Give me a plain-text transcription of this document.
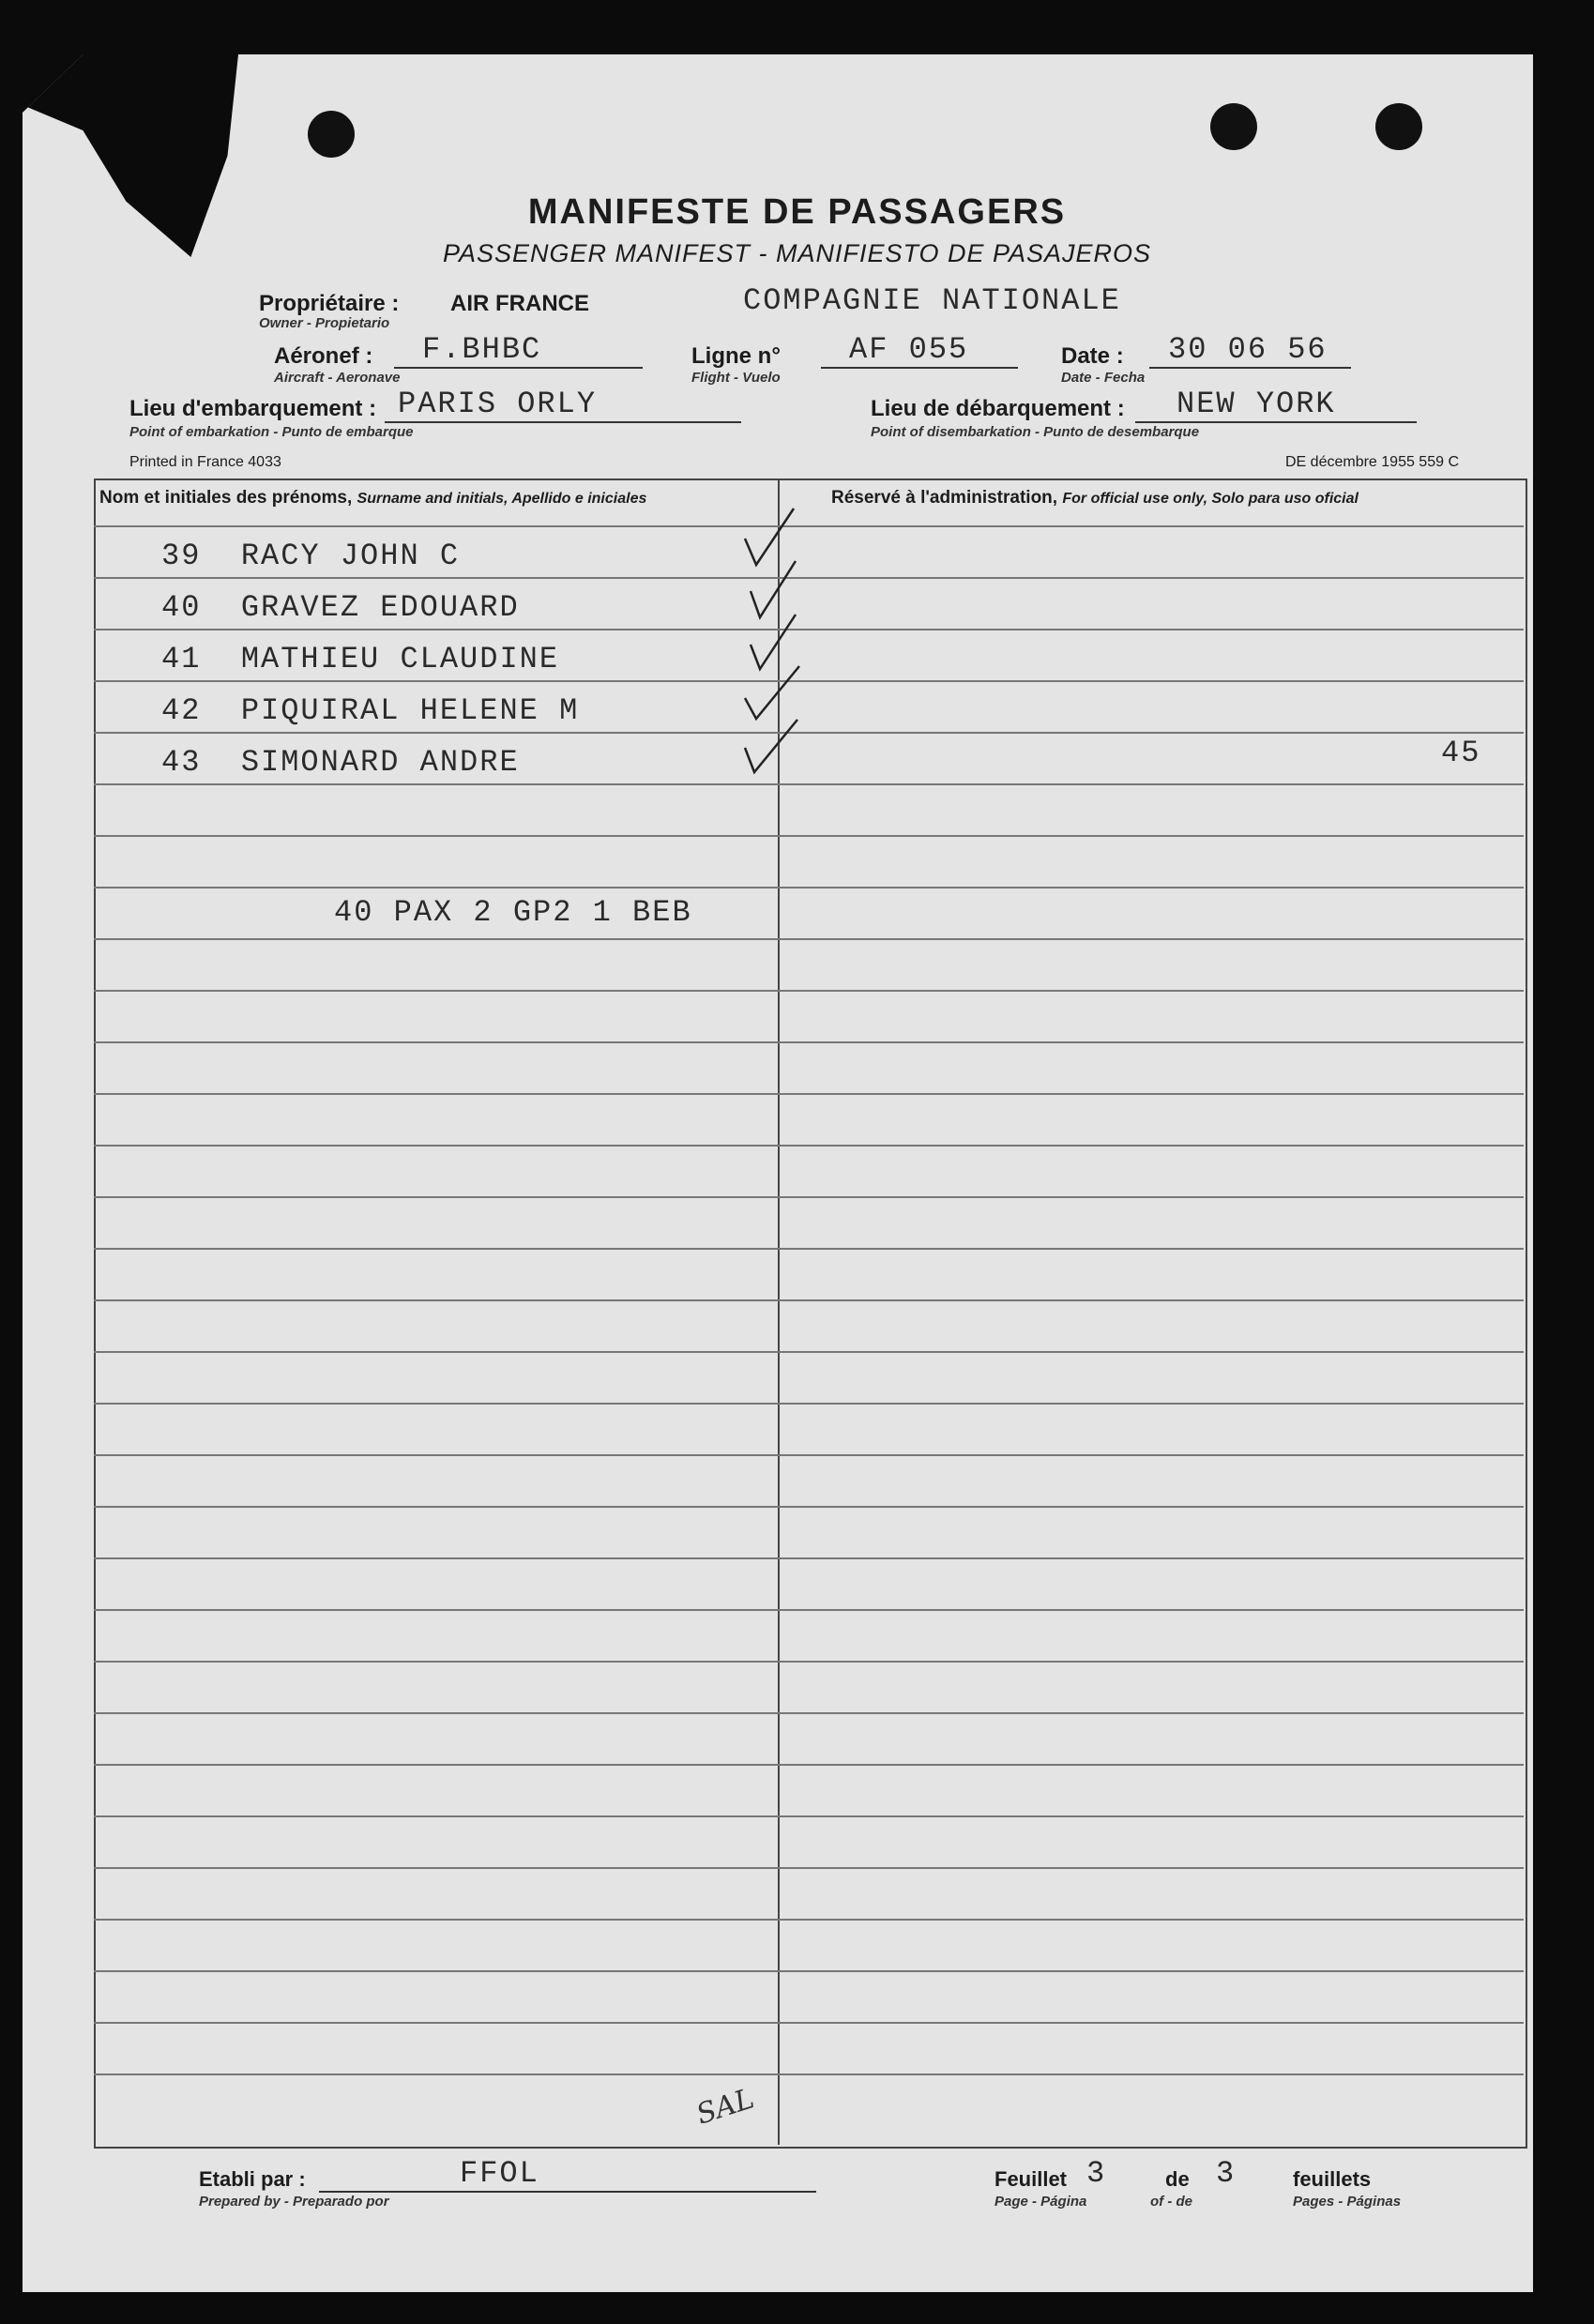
MANIFESTE DE PASSAGERS
PASSENGER MANIFEST - MANIFIESTO DE PASAJEROS
Propriétaire : AIR FRANCE
Owner - Propietario
COMPAGNIE NATIONALE
Aéronef :
Aircraft - Aeronave
F.BHBC	Ligne n°
Flight - Vuelo
AF 055	Date :
Date - Fecha
30 06 56
Lieu d'embarquement :
Point of embarkation - Punto de embarque
PARIS ORLY	Lieu de débarquement :
Point of disembarkation - Punto de desembarque
NEW YORK
Printed in France 4033	DE décembre 1955 559 C
Nom et initiales des prénoms, Surname and initials, Apellido e iniciales	Réservé à l'administration, For official use only, Solo para uso oficial
39 RACY JOHN C
40 GRAVEZ EDOUARD
41 MATHIEU CLAUDINE
42 PIQUIRAL HELENE M
43 SIMONARD ANDRE	45
40 PAX 2 GP2 1 BEB
SAL
Etabli par :
Prepared by - Preparado por
FFOL	Feuillet 3	de 3	feuillets
Page - Página	of - de	Pages - Páginas
